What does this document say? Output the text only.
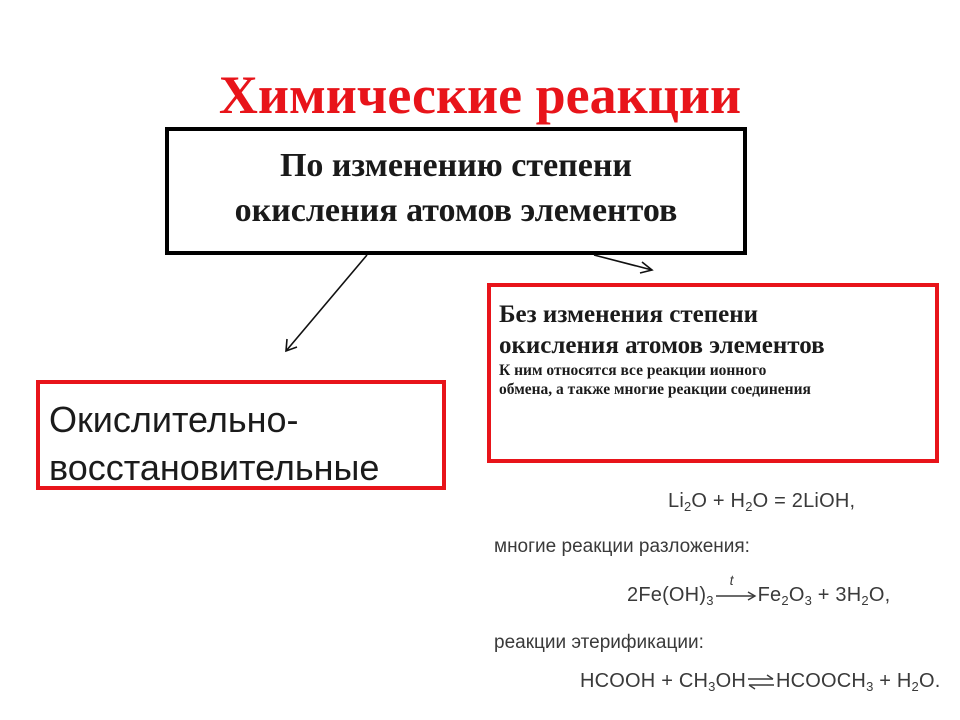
Химические реакции
По изменению степени
окисления атомов элементов
Окислительно-
восстановительные
Без изменения степени
окисления атомов элементов
К ним относятся все реакции ионного
обмена, а также многие реакции соединения
$Li_2O + H_2O$ = 2LiOH,
многие реакции разложения:
$2Fe(OH)_3$
t
$Fe_2O_3 + 3H_2O$,
реакции этерификации:
HCOOH + $CH_3OH\rightleftharpoons HCOOCH_3 + H_2O$.
